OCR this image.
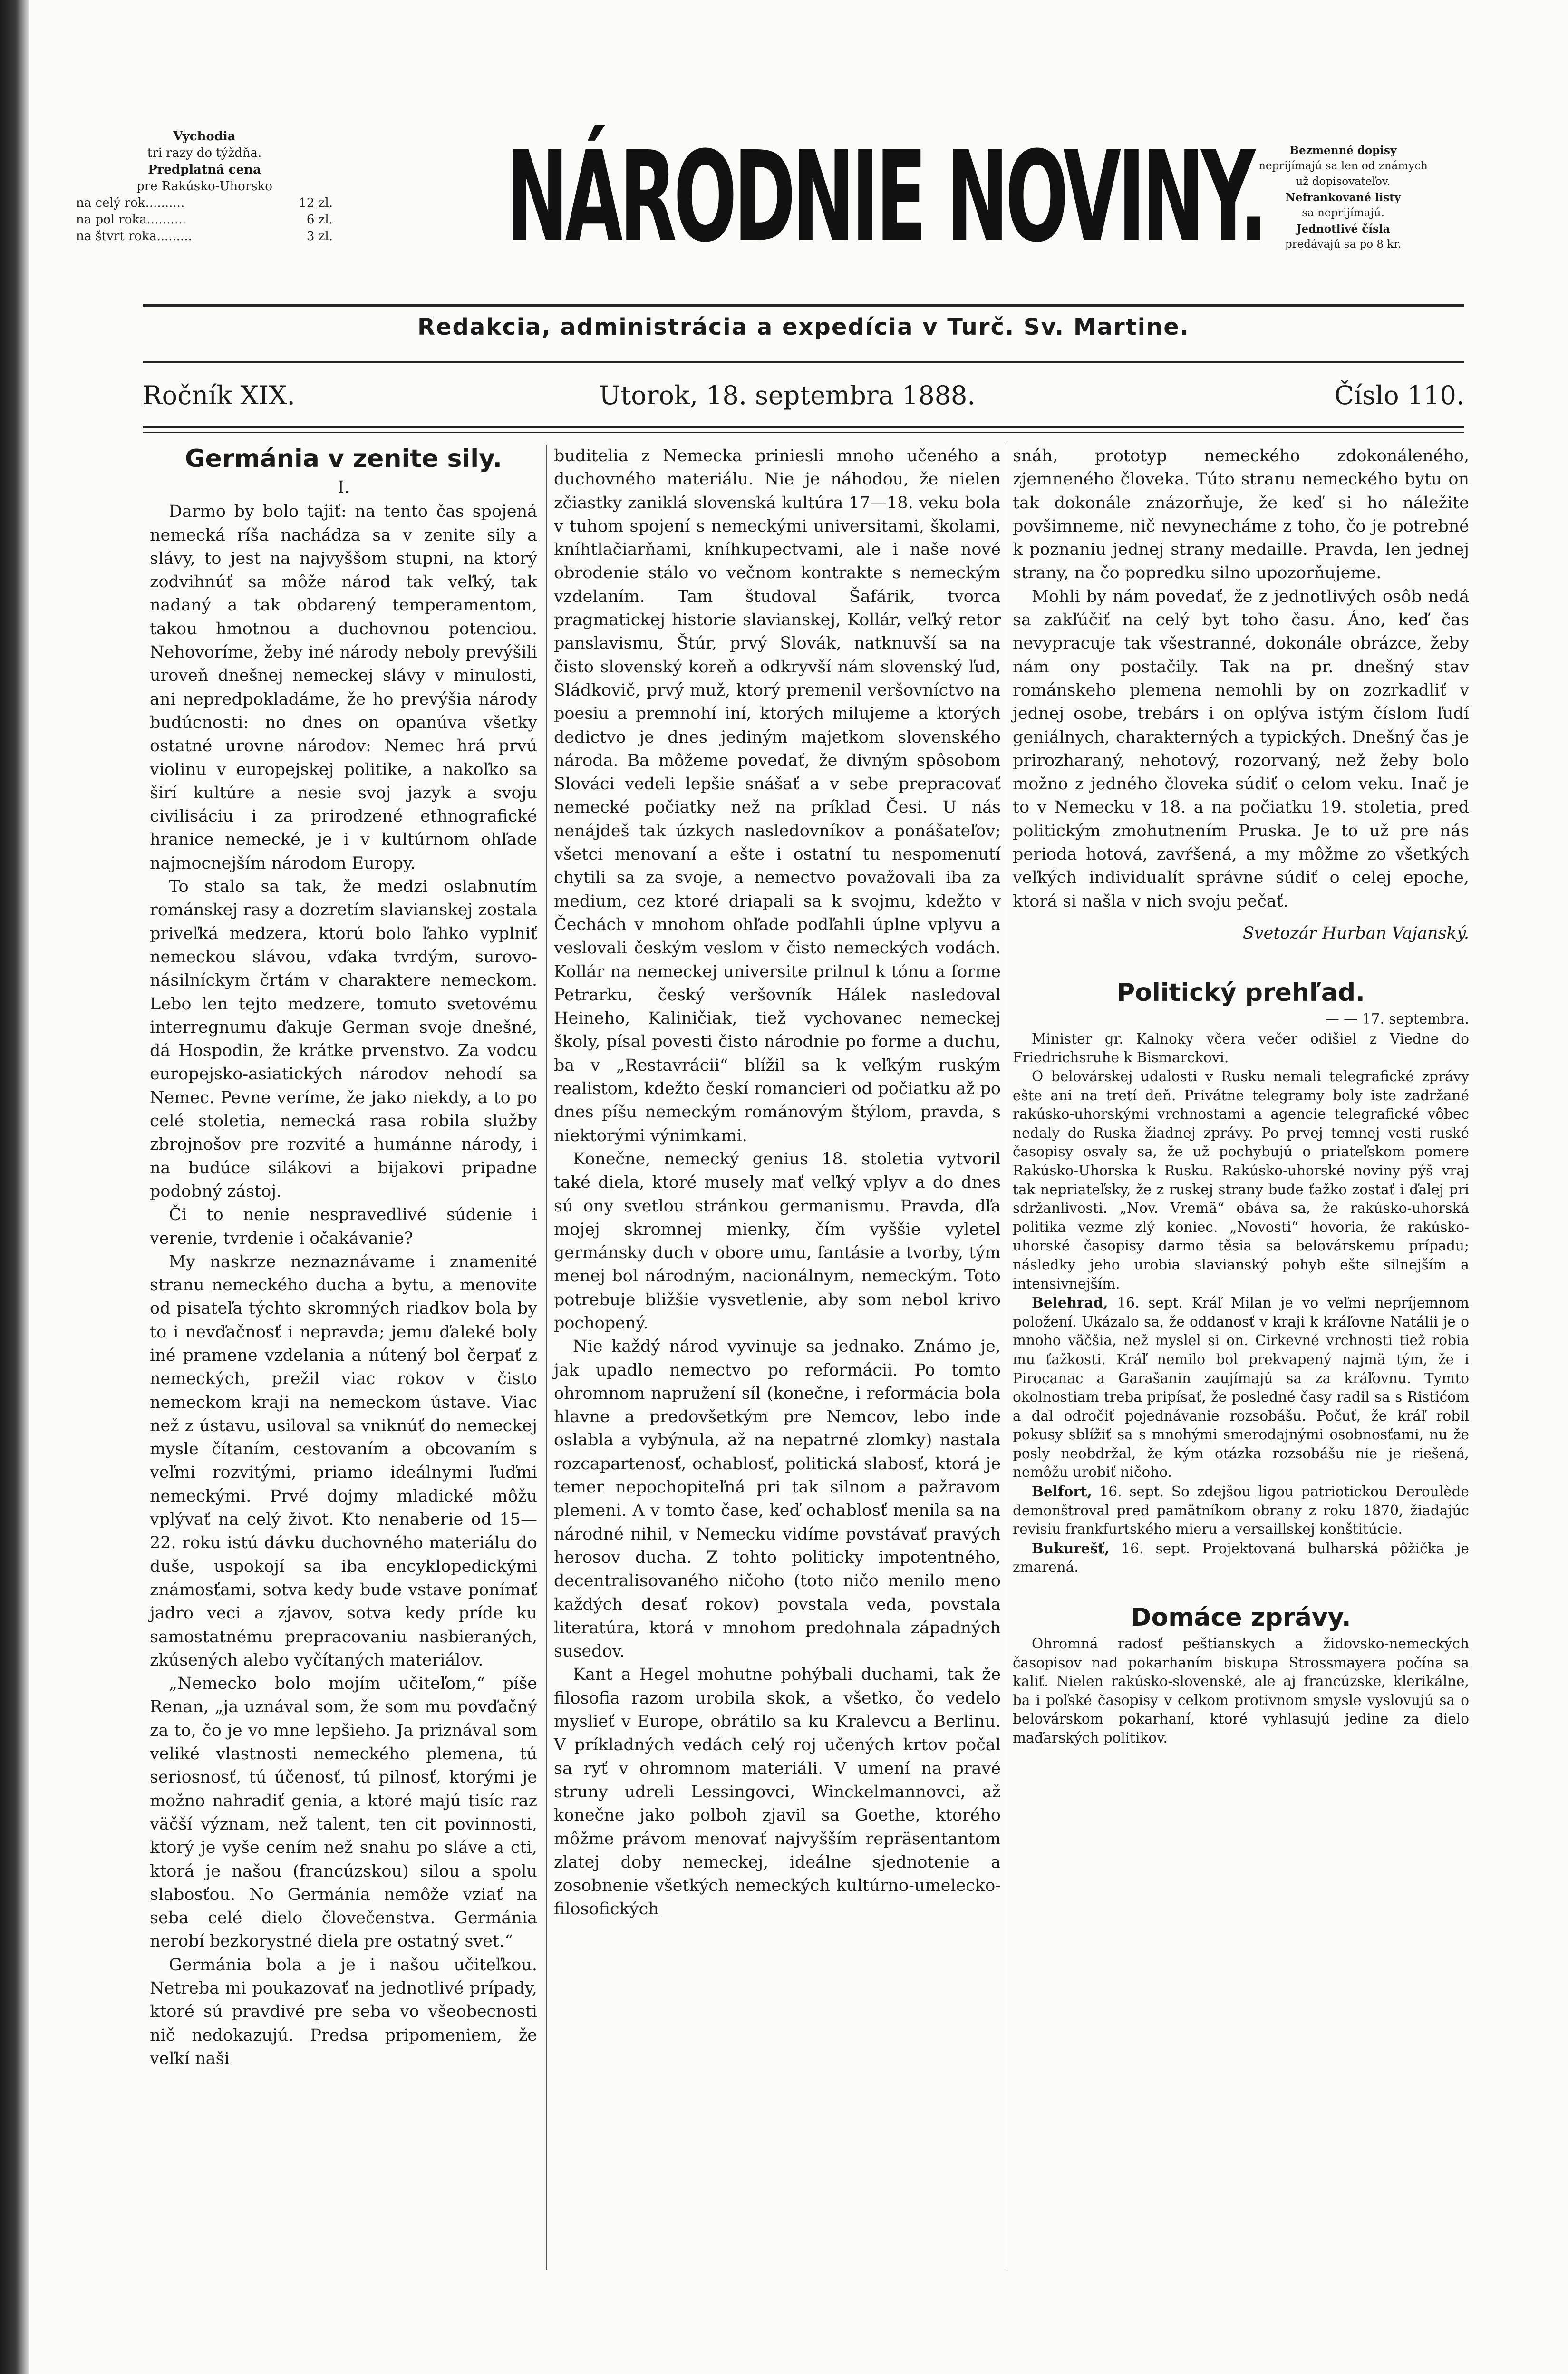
Vychodia
tri razy do týždňa.
Predplatná cena
pre Rakúsko-Uhorsko
na celý rok..........	12 zl.
na pol roka..........	6 zl.
na štvrt roka.........	3 zl. NÁRODNIE NOVINY.	Bezmenné dopisy
neprijímajú sa len od známych
už dopisovateľov.
Nefrankované listy
sa neprijímajú.
Jednotlivé čísla
predávajú sa po 8 kr.
Redakcia, administrácia a expedícia v Turč. Sv. Martine.
Ročník XIX.	Utorok, 18. septembra 1888.	Číslo 110.
Germánia v zenite sily.
I.

Darmo by bolo tajiť: na tento čas spojená nemecká ríša nachádza sa v zenite sily a slávy, to jest na najvyššom stupni, na ktorý zodvihnúť sa môže národ tak veľký, tak nadaný a tak obdarený temperamentom, takou hmotnou a duchovnou potenciou. Nehovoríme, žeby iné národy neboly prevýšili uroveň dnešnej nemeckej slávy v minulosti, ani nepredpokladáme, že ho prevýšia národy budúcnosti: no dnes on opanúva všetky ostatné urovne národov: Nemec hrá prvú violinu v europejskej politike, a nakoľko sa širí kultúre a nesie svoj jazyk a svoju civilisáciu i za prirodzené ethnografické hranice nemecké, je i v kultúrnom ohľade najmocnejším národom Europy.

To stalo sa tak, že medzi oslabnutím románskej rasy a dozretím slavianskej zostala priveľká medzera, ktorú bolo ľahko vyplniť nemeckou slávou, vďaka tvrdým, surovo-násilníckym črtám v charaktere nemeckom. Lebo len tejto medzere, tomuto svetovému interregnumu ďakuje German svoje dnešné, dá Hospodin, že krátke prvenstvo. Za vodcu europejsko-asiatických národov nehodí sa Nemec. Pevne veríme, že jako niekdy, a to po celé stoletia, nemecká rasa robila služby zbrojnošov pre rozvité a humánne národy, i na budúce silákovi a bijakovi pripadne podobný zástoj.

Či to nenie nespravedlivé súdenie i verenie, tvrdenie i očakávanie?

My naskrze neznaznávame i znamenité stranu nemeckého ducha a bytu, a menovite od pisateľa týchto skromných riadkov bola by to i nevďačnosť i nepravda; jemu ďaleké boly iné pramene vzdelania a nútený bol čerpať z nemeckých, prežil viac rokov v čisto nemeckom kraji na nemeckom ústave. Viac než z ústavu, usiloval sa vniknúť do nemeckej mysle čítaním, cestovaním a obcovaním s veľmi rozvitými, priamo ideálnymi ľuďmi nemeckými. Prvé dojmy mladické môžu vplývať na celý život. Kto nenaberie od 15—22. roku istú dávku duchovného materiálu do duše, uspokojí sa iba encyklopedickými známosťami, sotva kedy bude vstave ponímať jadro veci a zjavov, sotva kedy príde ku samostatnému prepracovaniu nasbieraných, zkúsených alebo vyčítaných materiálov.

„Nemecko bolo mojím učiteľom,“ píše Renan, „ja uznával som, že som mu povďačný za to, čo je vo mne lepšieho. Ja priznával som veliké vlastnosti nemeckého plemena, tú seriosnosť, tú účenosť, tú pilnosť, ktorými je možno nahradiť genia, a ktoré majú tisíc raz väčší význam, než talent, ten cit povinnosti, ktorý je vyše cením než snahu po sláve a cti, ktorá je našou (francúzskou) silou a spolu slabosťou. No Germánia nemôže vziať na seba celé dielo človečenstva. Germánia nerobí bezkorystné diela pre ostatný svet.“

Germánia bola a je i našou učiteľkou. Netreba mi poukazovať na jednotlivé prípady, ktoré sú pravdivé pre seba vo všeobecnosti nič nedokazujú. Predsa pripomeniem, že veľkí naši

buditelia z Nemecka priniesli mnoho učeného a duchovného materiálu. Nie je náhodou, že nielen zčiastky zaniklá slovenská kultúra 17—18. veku bola v tuhom spojení s nemeckými universitami, školami, kníhtlačiarňami, kníhkupectvami, ale i naše nové obrodenie stálo vo večnom kontrakte s nemeckým vzdelaním. Tam študoval Šafárik, tvorca pragmatickej historie slavianskej, Kollár, veľký retor panslavismu, Štúr, prvý Slovák, natknuvší sa na čisto slovenský koreň a odkryvší nám slovenský ľud, Sládkovič, prvý muž, ktorý premenil veršovníctvo na poesiu a premnohí iní, ktorých milujeme a ktorých dedictvo je dnes jediným majetkom slovenského národa. Ba môžeme povedať, že divným spôsobom Slováci vedeli lepšie snášať a v sebe prepracovať nemecké počiatky než na príklad Česi. U nás nenájdeš tak úzkych nasledovníkov a ponášateľov; všetci menovaní a ešte i ostatní tu nespomenutí chytili sa za svoje, a nemectvo považovali iba za medium, cez ktoré driapali sa k svojmu, kdežto v Čechách v mnohom ohľade podľahli úplne vplyvu a veslovali českým veslom v čisto nemeckých vodách. Kollár na nemeckej universite prilnul k tónu a forme Petrarku, český veršovník Hálek nasledoval Heineho, Kaliničiak, tiež vychovanec nemeckej školy, písal povesti čisto národnie po forme a duchu, ba v „Restavrácii“ blížil sa k veľkým ruským realistom, kdežto českí romancieri od počiatku až po dnes píšu nemeckým románovým štýlom, pravda, s niektorými výnimkami.

Konečne, nemecký genius 18. stoletia vytvoril také diela, ktoré musely mať veľký vplyv a do dnes sú ony svetlou stránkou germanismu. Pravda, dľa mojej skromnej mienky, čím vyššie vyletel germánsky duch v obore umu, fantásie a tvorby, tým menej bol národným, nacionálnym, nemeckým. Toto potrebuje bližšie vysvetlenie, aby som nebol krivo pochopený.

Nie každý národ vyvinuje sa jednako. Známo je, jak upadlo nemectvo po reformácii. Po tomto ohromnom napružení síl (konečne, i reformácia bola hlavne a predovšetkým pre Nemcov, lebo inde oslabla a vybýnula, až na nepatrné zlomky) nastala rozcapartenosť, ochablosť, politická slabosť, ktorá je temer nepochopiteľná pri tak silnom a pažravom plemeni. A v tomto čase, keď ochablosť menila sa na národné nihil, v Nemecku vidíme povstávať pravých herosov ducha. Z tohto politicky impotentného, decentralisovaného ničoho (toto ničo menilo meno každých desať rokov) povstala veda, povstala literatúra, ktorá v mnohom predohnala západných susedov.

Kant a Hegel mohutne pohýbali duchami, tak že filosofia razom urobila skok, a všetko, čo vedelo myslieť v Europe, obrátilo sa ku Kralevcu a Berlinu. V príkladných vedách celý roj učených krtov počal sa ryť v ohromnom materiáli. V umení na pravé struny udreli Lessingovci, Winckelmannovci, až konečne jako polboh zjavil sa Goethe, ktorého môžme právom menovať najvyšším repräsentantom zlatej doby nemeckej, ideálne sjednotenie a zosobnenie všetkých nemeckých kultúrno-umelecko-filosofických

snáh, prototyp nemeckého zdokonáleného, zjemneného človeka. Túto stranu nemeckého bytu on tak dokonále znázorňuje, že keď si ho náležite povšimneme, nič nevynecháme z toho, čo je potrebné k poznaniu jednej strany medaille. Pravda, len jednej strany, na čo popredku silno upozorňujeme.

Mohli by nám povedať, že z jednotlivých osôb nedá sa zakľúčiť na celý byt toho času. Áno, keď čas nevypracuje tak všestranné, dokonále obrázce, žeby nám ony postačily. Tak na pr. dnešný stav románskeho plemena nemohli by on zozrkadliť v jednej osobe, trebárs i on oplýva istým číslom ľudí geniálnych, charakterných a typických. Dnešný čas je prirozharaný, nehotový, rozorvaný, než žeby bolo možno z jedného človeka súdiť o celom veku. Inač je to v Nemecku v 18. a na počiatku 19. stoletia, pred politickým zmohutnením Pruska. Je to už pre nás perioda hotová, zavŕšená, a my môžme zo všetkých veľkých individualít správne súdiť o celej epoche, ktorá si našla v nich svoju pečať.

Svetozár Hurban Vajanský.

Politický prehľad.

— — 17. septembra.

Minister gr. Kalnoky včera večer odišiel z Viedne do Friedrichsruhe k Bismarckovi.

O belovárskej udalosti v Rusku nemali telegrafické zprávy ešte ani na tretí deň. Privátne telegramy boly iste zadržané rakúsko-uhorskými vrchnostami a agencie telegrafické vôbec nedaly do Ruska žiadnej zprávy. Po prvej temnej vesti ruské časopisy osvaly sa, že už pochybujú o priateľskom pomere Rakúsko-Uhorska k Rusku. Rakúsko-uhorské noviny pýš vraj tak nepriateľsky, že z ruskej strany bude ťažko zostať i ďalej pri sdržanlivosti. „Nov. Vremä“ obáva sa, že rakúsko-uhorská politika vezme zlý koniec. „Novosti“ hovoria, že rakúsko-uhorské časopisy darmo těsia sa belovárskemu prípadu; následky jeho urobia slavianský pohyb ešte silnejším a intensivnejším.

Belehrad, 16. sept. Kráľ Milan je vo veľmi nepríjemnom položení. Ukázalo sa, že oddanosť v kraji k kráľovne Natálii je o mnoho väčšia, než myslel si on. Cirkevné vrchnosti tiež robia mu ťažkosti. Kráľ nemilo bol prekvapený najmä tým, že i Pirocanac a Garašanin zaujímajú sa za kráľovnu. Tymto okolnostiam treba pripísať, že posledné časy radil sa s Ristićom a dal odročiť pojednávanie rozsobášu. Počuť, že kráľ robil pokusy sblížiť sa s mnohými smerodajnými osobnosťami, nu že posly neobdržal, že kým otázka rozsobášu nie je riešená, nemôžu urobiť ničoho.

Belfort, 16. sept. So zdejšou ligou patriotickou Deroulède demonštroval pred pamätníkom obrany z roku 1870, žiadajúc revisiu frankfurtského mieru a versaillskej konštitúcie.

Bukurešť, 16. sept. Projektovaná bulharská pôžička je zmarená.

Domáce zprávy.

Ohromná radosť peštianskych a židovsko-nemeckých časopisov nad pokarhaním biskupa Strossmayera počína sa kaliť. Nielen rakúsko-slovenské, ale aj francúzske, klerikálne, ba i poľské časopisy v celkom protivnom smysle vyslovujú sa o belovárskom pokarhaní, ktoré vyhlasujú jedine za dielo maďarských politikov.
